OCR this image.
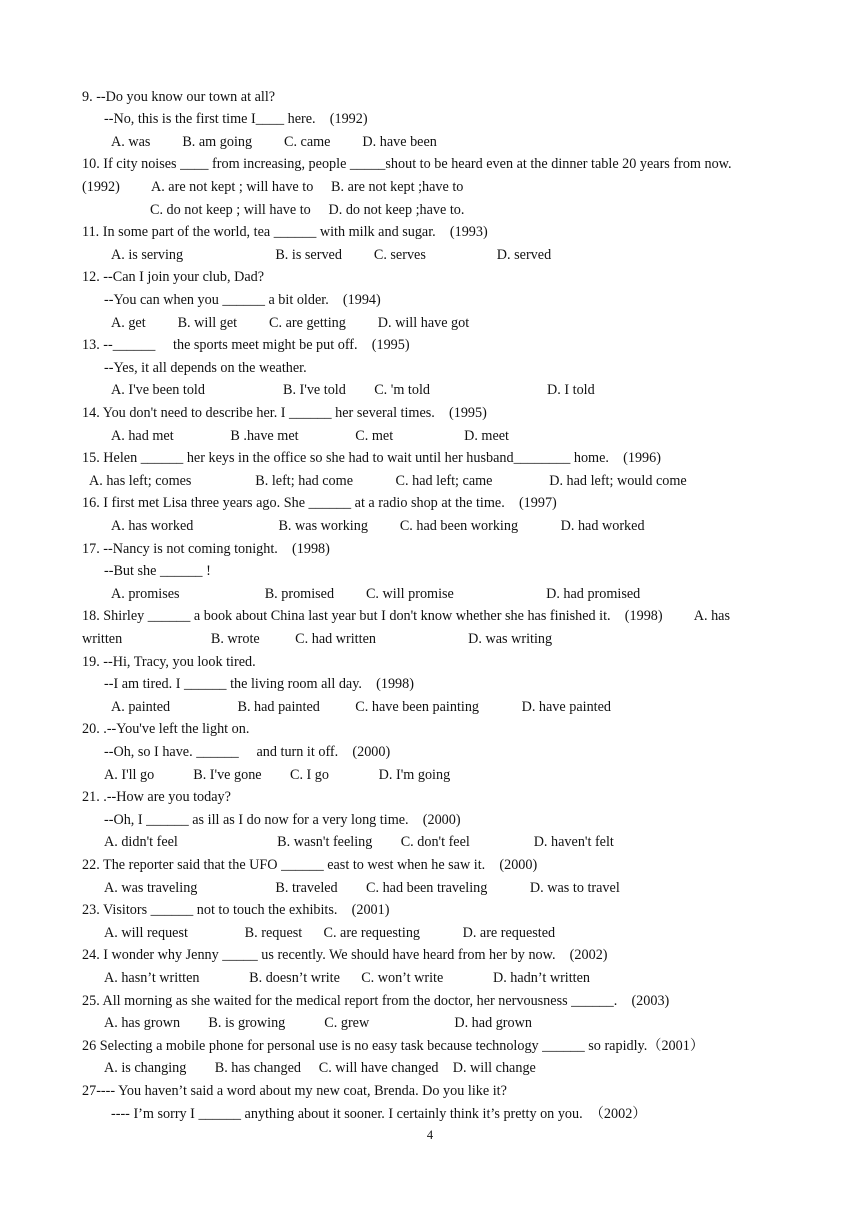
9. --Do you know our town at all?
--No, this is the first time I____ here.    (1992)
A. was         B. am going         C. came         D. have been
10. If city noises ____ from increasing, people _____shout to be heard even at the dinner table 20 years from now.
(1992)         A. are not kept ; will have to     B. are not kept ;have to
C. do not keep ; will have to     D. do not keep ;have to.
11. In some part of the world, tea ______ with milk and sugar.    (1993)
A. is serving                          B. is served         C. serves                    D. served
12. --Can I join your club, Dad?
--You can when you ______ a bit older.    (1994)
A. get         B. will get         C. are getting         D. will have got
13. --______     the sports meet might be put off.    (1995)
--Yes, it all depends on the weather.
A. I've been told                      B. I've told        C. 'm told                                 D. I told
14. You don't need to describe her. I ______ her several times.    (1995)
A. had met                B .have met                C. met                    D. meet
15. Helen ______ her keys in the office so she had to wait until her husband________ home.    (1996)
A. has left; comes                  B. left; had come            C. had left; came                D. had left; would come
16. I first met Lisa three years ago. She ______ at a radio shop at the time.    (1997)
A. has worked                        B. was working         C. had been working            D. had worked
17. --Nancy is not coming tonight.    (1998)
--But she ______ !
A. promises                        B. promised         C. will promise                          D. had promised
18. Shirley ______ a book about China last year but I don't know whether she has finished it.    (1998)         A. has
written                         B. wrote          C. had written                          D. was writing
19. --Hi, Tracy, you look tired.
--I am tired. I ______ the living room all day.    (1998)
A. painted                   B. had painted          C. have been painting            D. have painted
20. .--You've left the light on.
--Oh, so I have. ______     and turn it off.    (2000)
A. I'll go           B. I've gone        C. I go              D. I'm going
21. .--How are you today?
--Oh, I ______ as ill as I do now for a very long time.    (2000)
A. didn't feel                            B. wasn't feeling        C. don't feel                  D. haven't felt
22. The reporter said that the UFO ______ east to west when he saw it.    (2000)
A. was traveling                      B. traveled        C. had been traveling            D. was to travel
23. Visitors ______ not to touch the exhibits.    (2001)
A. will request                B. request      C. are requesting            D. are requested
24. I wonder why Jenny _____ us recently. We should have heard from her by now.    (2002)
A. hasn’t written              B. doesn’t write      C. won’t write              D. hadn’t written
25. All morning as she waited for the medical report from the doctor, her nervousness ______.    (2003)
A. has grown        B. is growing           C. grew                        D. had grown
26 Selecting a mobile phone for personal use is no easy task because technology ______ so rapidly.（2001）
A. is changing        B. has changed     C. will have changed    D. will change
27---- You haven’t said a word about my new coat, Brenda. Do you like it?
---- I’m sorry I ______ anything about it sooner. I certainly think it’s pretty on you.  （2002）
4
